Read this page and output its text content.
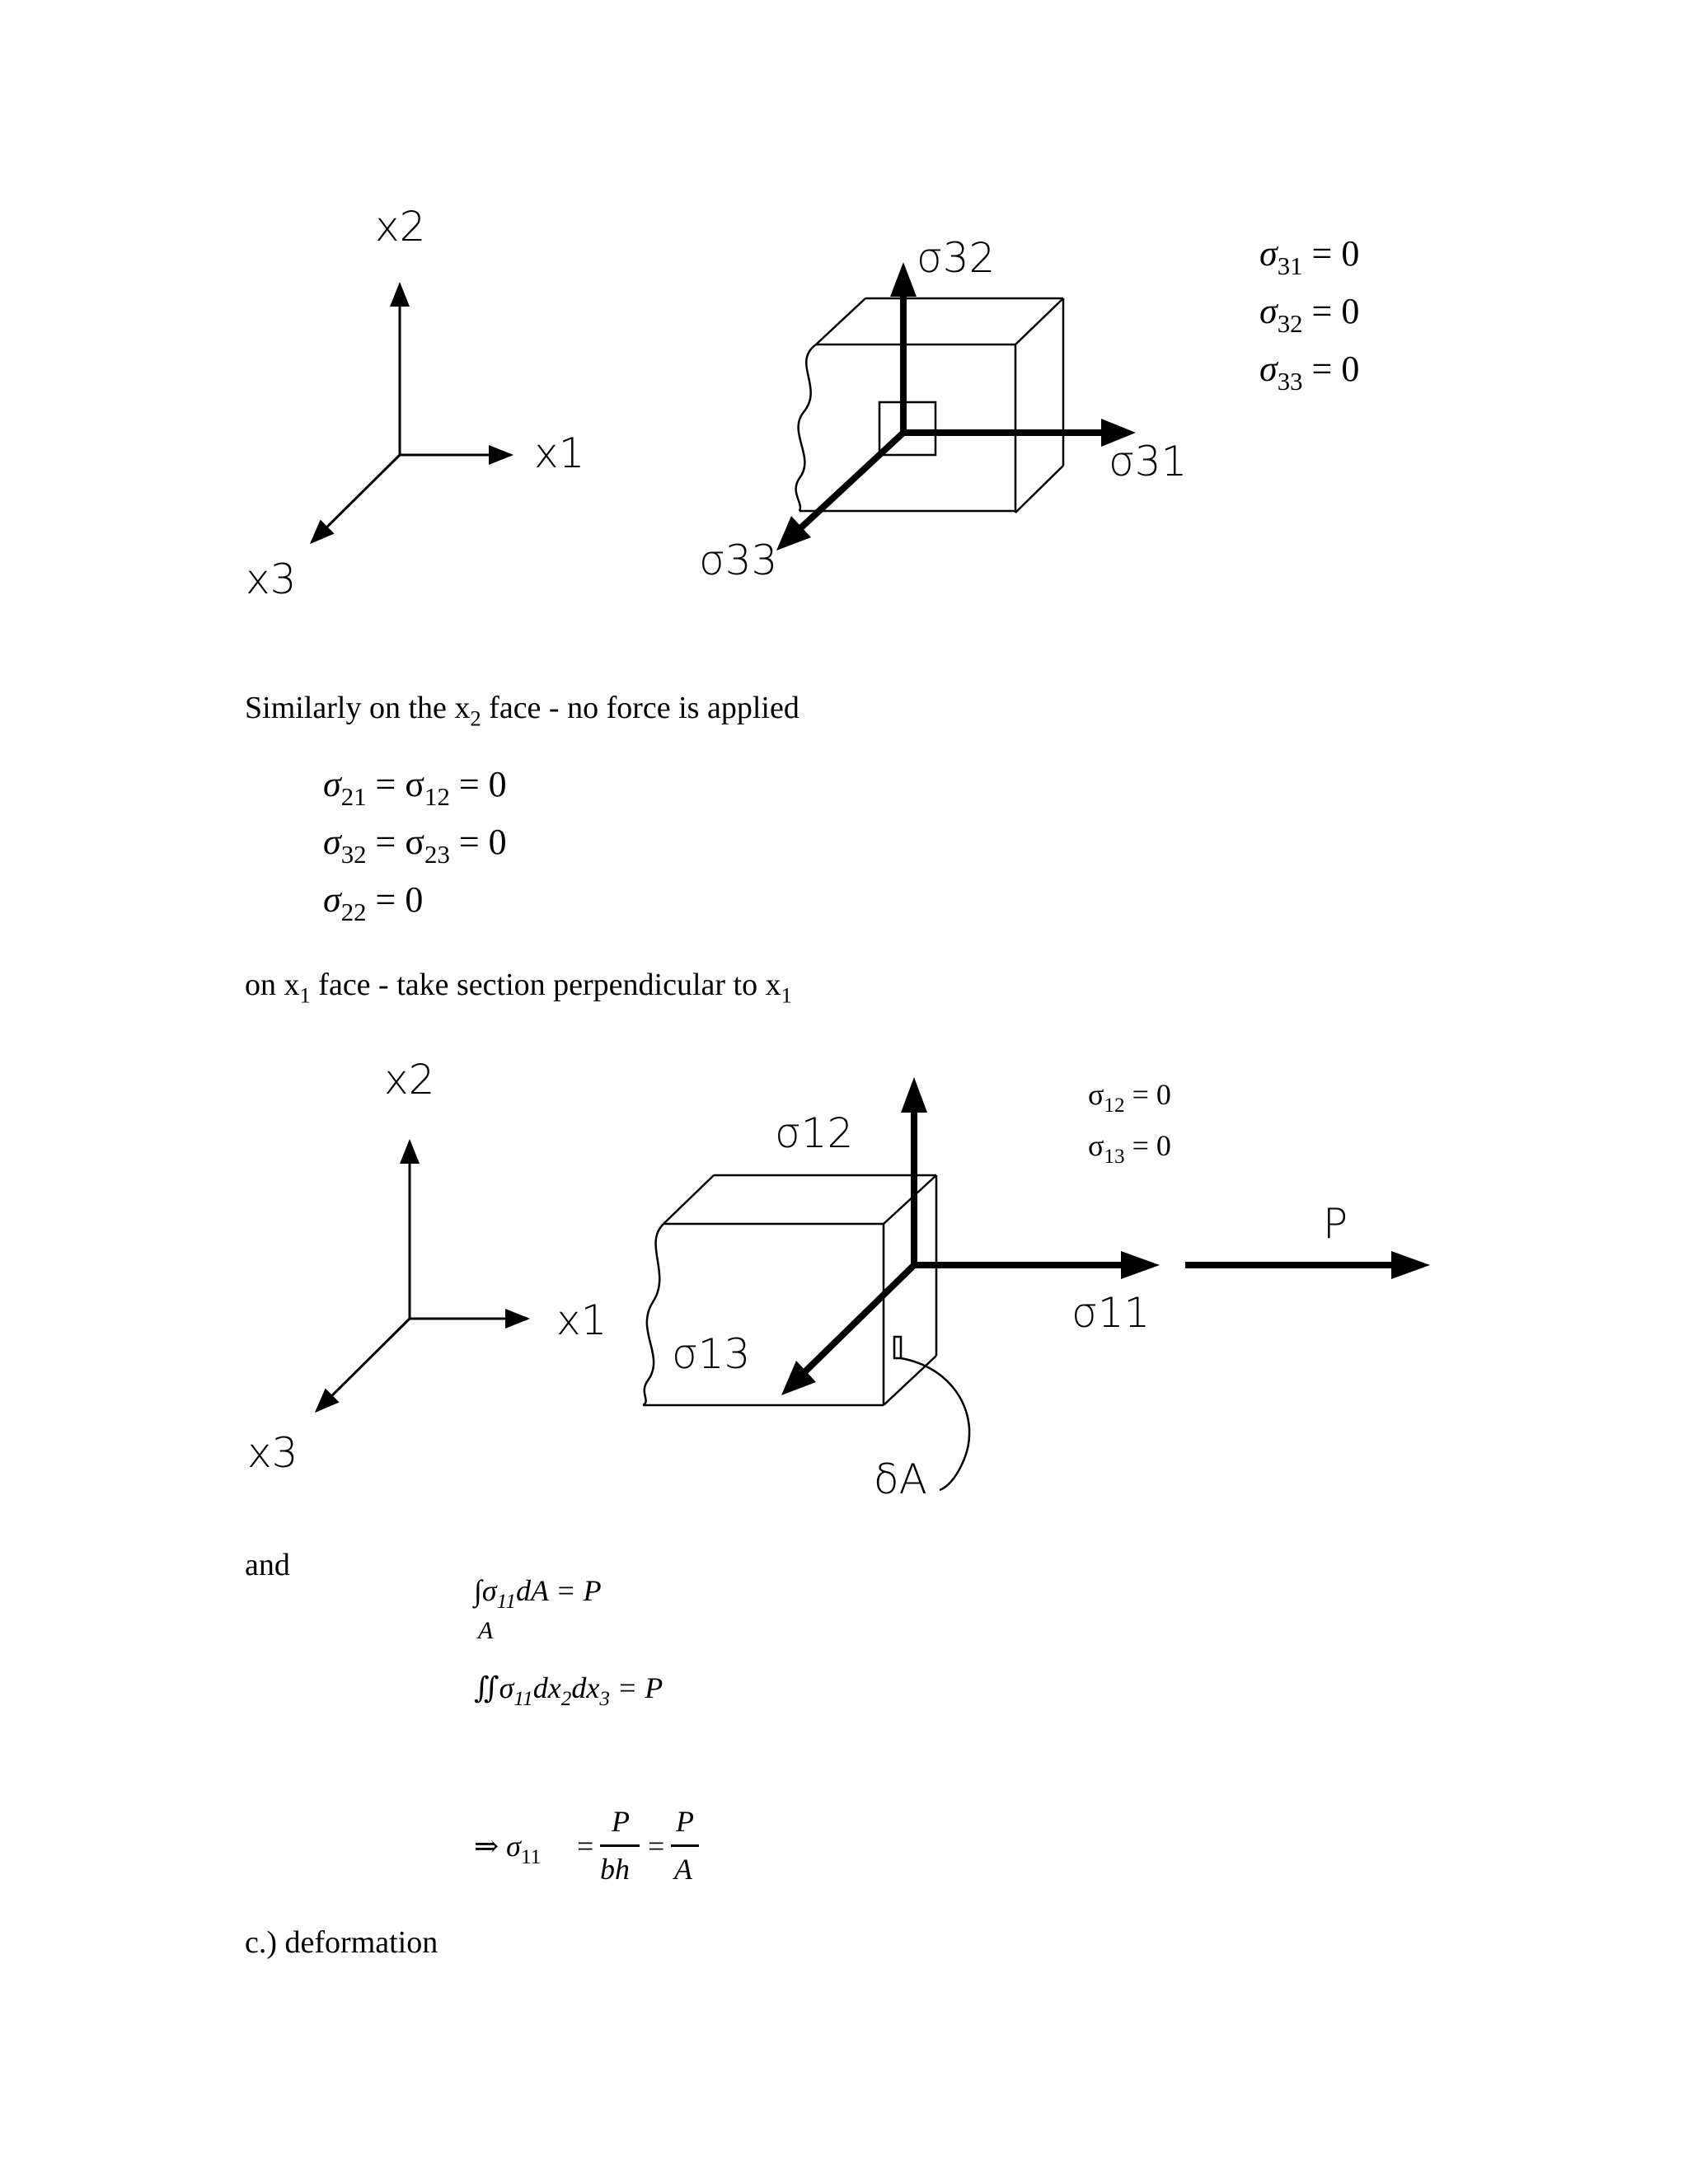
x2
x1
x3
σ32
σ31
σ33
$\sigma_{31} = 0$
$\sigma_{32} = 0$
$\sigma_{33} = 0$
Similarly on the $x_2$ face - no force is applied
$\sigma_{21} = \sigma_{12} = 0$
$\sigma_{32} = \sigma_{23} = 0$
$\sigma_{22} = 0$
on $x_1$ face - take section perpendicular to $x_1$
x2
x1
x3
σ12
σ13
σ11
δA
P
$\sigma_{12} = 0$
$\sigma_{13} = 0$
and
$\int\sigma_{11}dA = P$
A
$∬\sigma_{11}dx_2dx_3 = P$
⇒ $\sigma_{11}$ =
P
bh
=
P
A
c.) deformation
